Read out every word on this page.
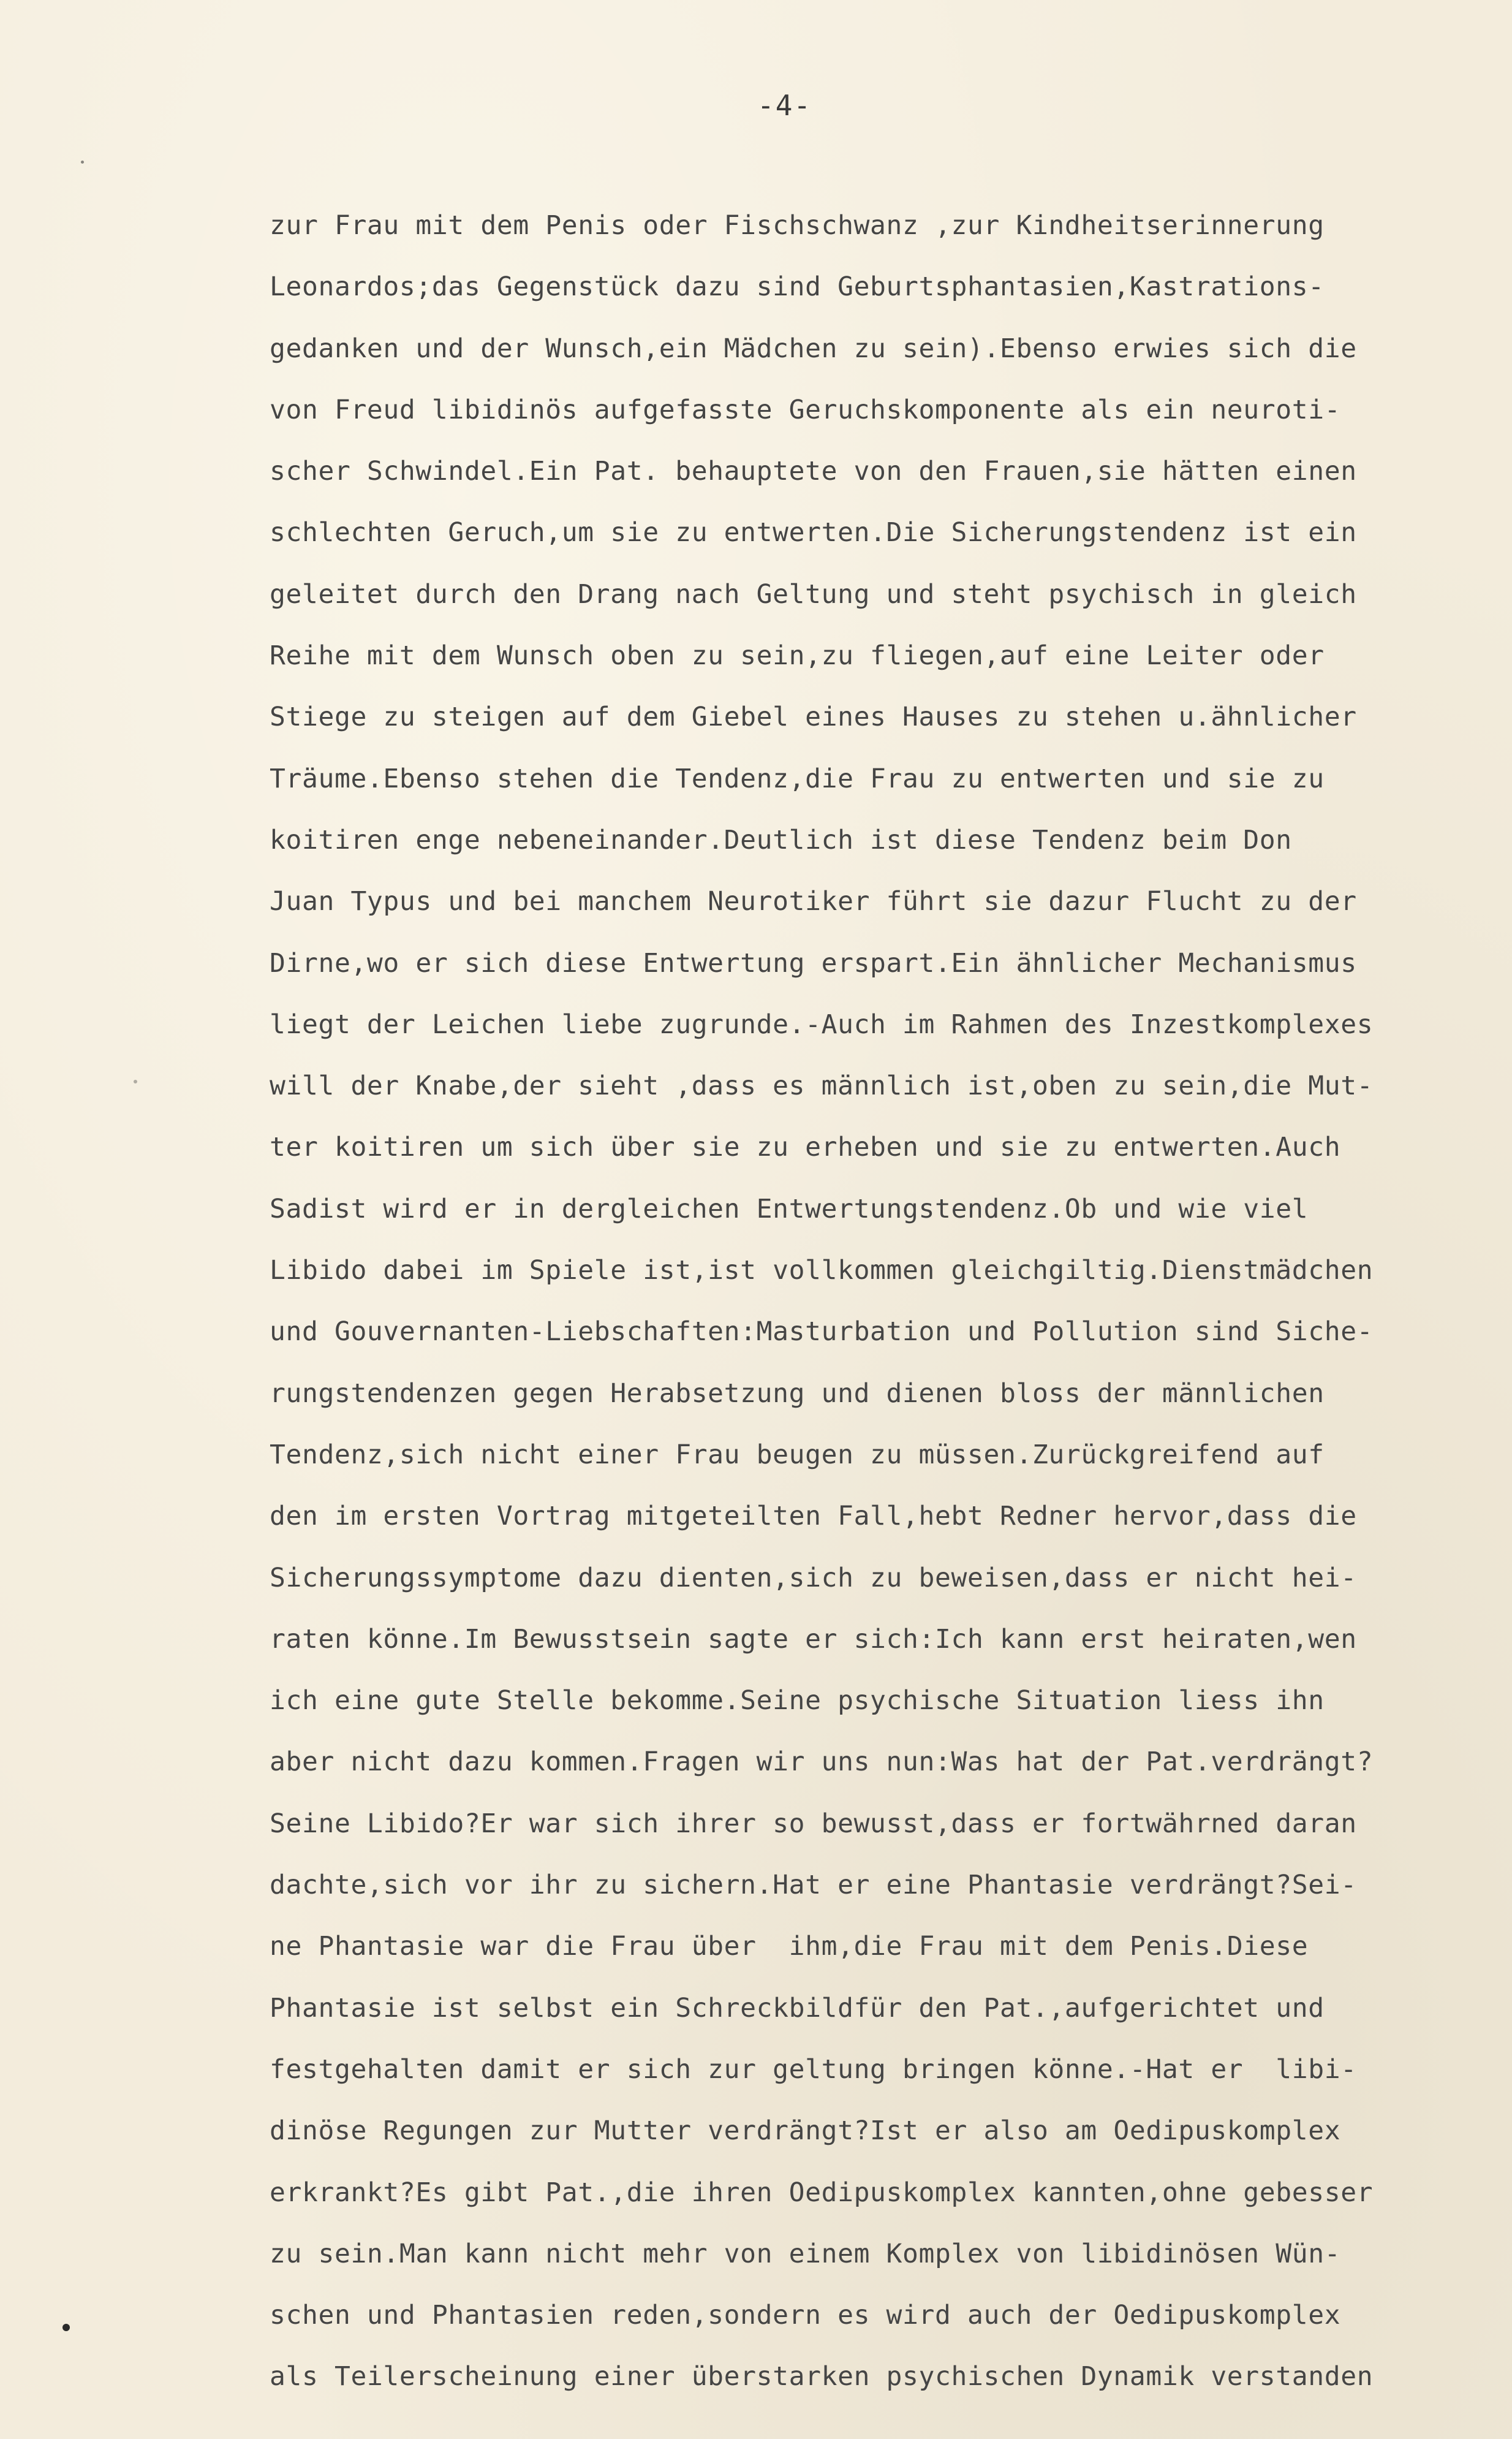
-4-
zur Frau mit dem Penis oder Fischschwanz ,zur Kindheitserinnerung
Leonardos;das Gegenstück dazu sind Geburtsphantasien,Kastrations-
gedanken und der Wunsch,ein Mädchen zu sein).Ebenso erwies sich die
von Freud libidinös aufgefasste Geruchskomponente als ein neuroti-
scher Schwindel.Ein Pat. behauptete von den Frauen,sie hätten einen
schlechten Geruch,um sie zu entwerten.Die Sicherungstendenz ist ein
geleitet durch den Drang nach Geltung und steht psychisch in gleich
Reihe mit dem Wunsch oben zu sein,zu fliegen,auf eine Leiter oder
Stiege zu steigen auf dem Giebel eines Hauses zu stehen u.ähnlicher
Träume.Ebenso stehen die Tendenz,die Frau zu entwerten und sie zu
koitiren enge nebeneinander.Deutlich ist diese Tendenz beim Don
Juan Typus und bei manchem Neurotiker führt sie dazur Flucht zu der
Dirne,wo er sich diese Entwertung erspart.Ein ähnlicher Mechanismus
liegt der Leichen liebe zugrunde.-Auch im Rahmen des Inzestkomplexes
will der Knabe,der sieht ,dass es männlich ist,oben zu sein,die Mut-
ter koitiren um sich über sie zu erheben und sie zu entwerten.Auch
Sadist wird er in dergleichen Entwertungstendenz.Ob und wie viel
Libido dabei im Spiele ist,ist vollkommen gleichgiltig.Dienstmädchen
und Gouvernanten-Liebschaften:Masturbation und Pollution sind Siche-
rungstendenzen gegen Herabsetzung und dienen bloss der männlichen
Tendenz,sich nicht einer Frau beugen zu müssen.Zurückgreifend auf
den im ersten Vortrag mitgeteilten Fall,hebt Redner hervor,dass die
Sicherungssymptome dazu dienten,sich zu beweisen,dass er nicht hei-
raten könne.Im Bewusstsein sagte er sich:Ich kann erst heiraten,wen
ich eine gute Stelle bekomme.Seine psychische Situation liess ihn
aber nicht dazu kommen.Fragen wir uns nun:Was hat der Pat.verdrängt?
Seine Libido?Er war sich ihrer so bewusst,dass er fortwährned daran
dachte,sich vor ihr zu sichern.Hat er eine Phantasie verdrängt?Sei-
ne Phantasie war die Frau über  ihm,die Frau mit dem Penis.Diese
Phantasie ist selbst ein Schreckbildfür den Pat.,aufgerichtet und
festgehalten damit er sich zur geltung bringen könne.-Hat er  libi-
dinöse Regungen zur Mutter verdrängt?Ist er also am Oedipuskomplex
erkrankt?Es gibt Pat.,die ihren Oedipuskomplex kannten,ohne gebesser
zu sein.Man kann nicht mehr von einem Komplex von libidinösen Wün-
schen und Phantasien reden,sondern es wird auch der Oedipuskomplex
als Teilerscheinung einer überstarken psychischen Dynamik verstanden
